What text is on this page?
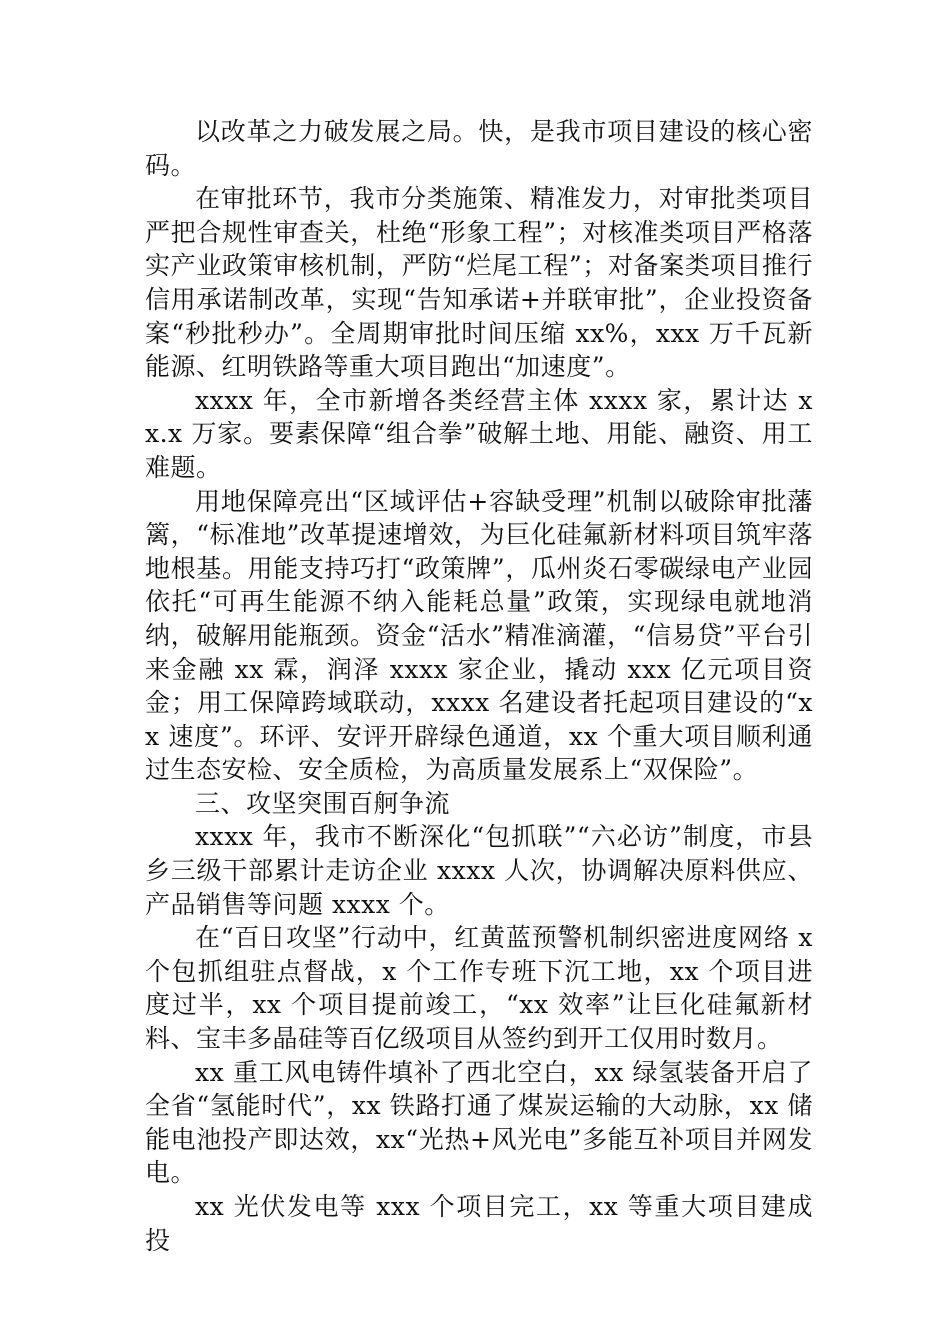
以改革之力破发展之局。快，是我市项目建设的核心密码。

在审批环节，我市分类施策、精准发力，对审批类项目严把合规性审查关，杜绝“形象工程”；对核准类项目严格落实产业政策审核机制，严防“烂尾工程”；对备案类项目推行信用承诺制改革，实现“告知承诺+并联审批”，企业投资备案“秒批秒办”。全周期审批时间压缩 xx%，xxx 万千瓦新能源、红明铁路等重大项目跑出“加速度”。

xxxx 年，全市新增各类经营主体 xxxx 家，累计达 xx.x 万家。要素保障“组合拳”破解土地、用能、融资、用工难题。

用地保障亮出“区域评估+容缺受理”机制以破除审批藩篱，“标准地”改革提速增效，为巨化硅氟新材料项目筑牢落地根基。用能支持巧打“政策牌”，瓜州炎石零碳绿电产业园依托“可再生能源不纳入能耗总量”政策，实现绿电就地消纳，破解用能瓶颈。资金“活水”精准滴灌，“信易贷”平台引来金融 xx 霖，润泽 xxxx 家企业，撬动 xxx 亿元项目资金；用工保障跨域联动，xxxx 名建设者托起项目建设的“xx 速度”。环评、安评开辟绿色通道，xx 个重大项目顺利通过生态安检、安全质检，为高质量发展系上“双保险”。

三、攻坚突围百舸争流

xxxx 年，我市不断深化“包抓联”“六必访”制度，市县乡三级干部累计走访企业 xxxx 人次，协调解决原料供应、产品销售等问题 xxxx 个。

在“百日攻坚”行动中，红黄蓝预警机制织密进度网络 x 个包抓组驻点督战，x 个工作专班下沉工地，xx 个项目进度过半，xx 个项目提前竣工，“xx 效率”让巨化硅氟新材料、宝丰多晶硅等百亿级项目从签约到开工仅用时数月。

xx 重工风电铸件填补了西北空白，xx 绿氢装备开启了全省“氢能时代”，xx 铁路打通了煤炭运输的大动脉，xx 储能电池投产即达效，xx“光热+风光电”多能互补项目并网发电。

xx 光伏发电等 xxx 个项目完工，xx 等重大项目建成投
